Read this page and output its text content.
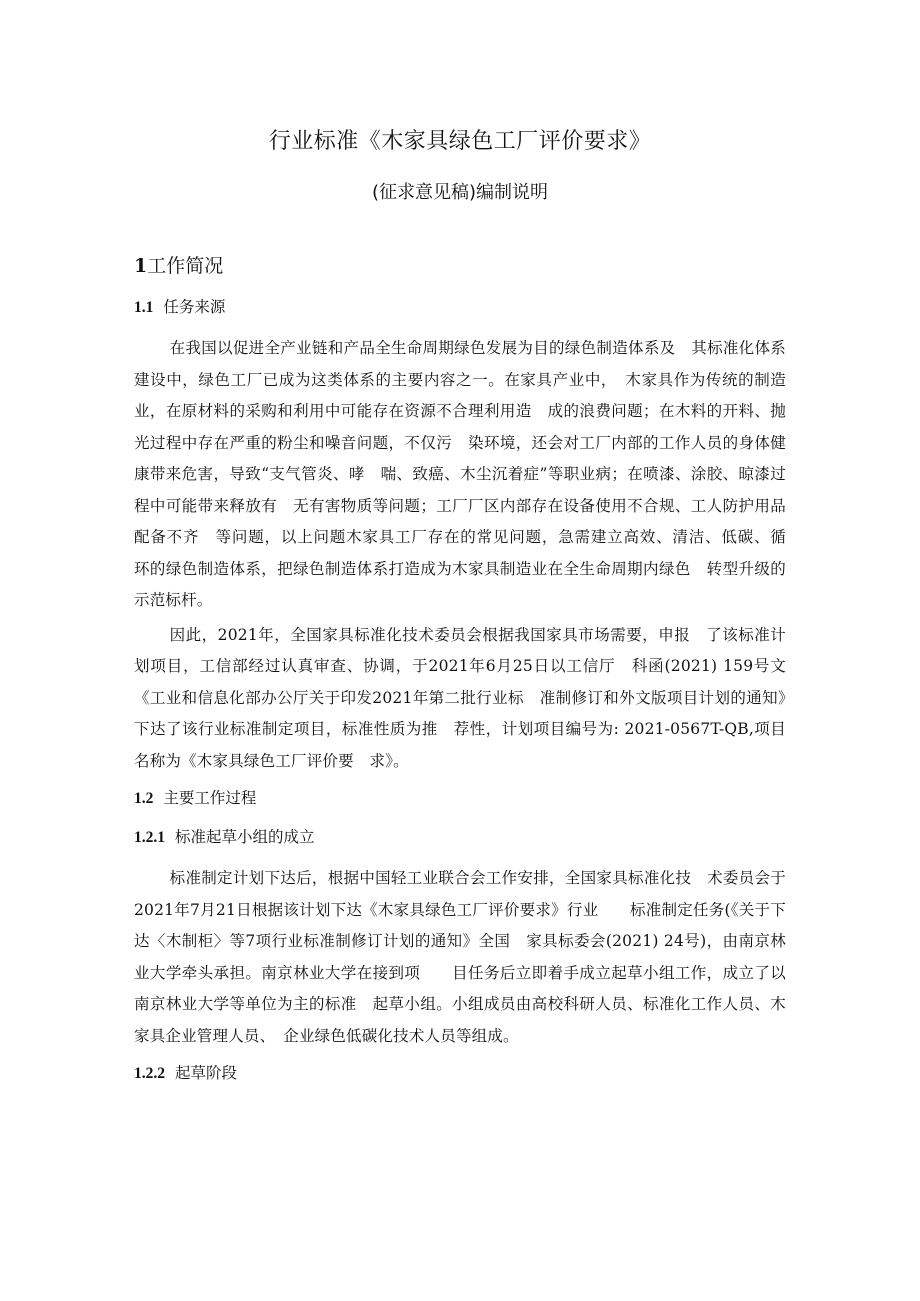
行业标准《木家具绿色工厂评价要求》
(征求意见稿)编制说明
1工作简况
1.1 任务来源

在我国以促进全产业链和产品全生命周期绿色发展为目的绿色制造体系及　其标准化体系建设中，绿色工厂已成为这类体系的主要内容之一。在家具产业中，　木家具作为传统的制造业，在原材料的采购和利用中可能存在资源不合理利用造　成的浪费问题；在木料的开料、抛光过程中存在严重的粉尘和噪音问题，不仅污　染环境，还会对工厂内部的工作人员的身体健康带来危害，导致“支气管炎、哮　喘、致癌、木尘沉着症”等职业病；在喷漆、涂胶、晾漆过程中可能带来释放有　无有害物质等问题；工厂厂区内部存在设备使用不合规、工人防护用品配备不齐　等问题，以上问题木家具工厂存在的常见问题，急需建立高效、清洁、低碳、循　环的绿色制造体系，把绿色制造体系打造成为木家具制造业在全生命周期内绿色　转型升级的示范标杆。

因此，2021年，全国家具标准化技术委员会根据我国家具市场需要，申报　了该标准计划项目，工信部经过认真审查、协调，于2021年6月25日以工信厅　科函(2021) 159号文《工业和信息化部办公厅关于印发2021年第二批行业标　准制修订和外文版项目计划的通知》下达了该行业标准制定项目，标准性质为推　荐性，计划项目编号为: 2021-0567T-QB,项目名称为《木家具绿色工厂评价要　求》。

1.2 主要工作过程
1.2.1 标准起草小组的成立

标准制定计划下达后，根据中国轻工业联合会工作安排，全国家具标准化技　术委员会于2021年7月21日根据该计划下达《木家具绿色工厂评价要求》行业　　标准制定任务(《关于下达〈木制柜〉等7项行业标准制修订计划的通知》全国　家具标委会(2021) 24号)，由南京林业大学牵头承担。南京林业大学在接到项　　目任务后立即着手成立起草小组工作，成立了以南京林业大学等单位为主的标准　起草小组。小组成员由高校科研人员、标准化工作人员、木家具企业管理人员、　企业绿色低碳化技术人员等组成。

1.2.2 起草阶段
